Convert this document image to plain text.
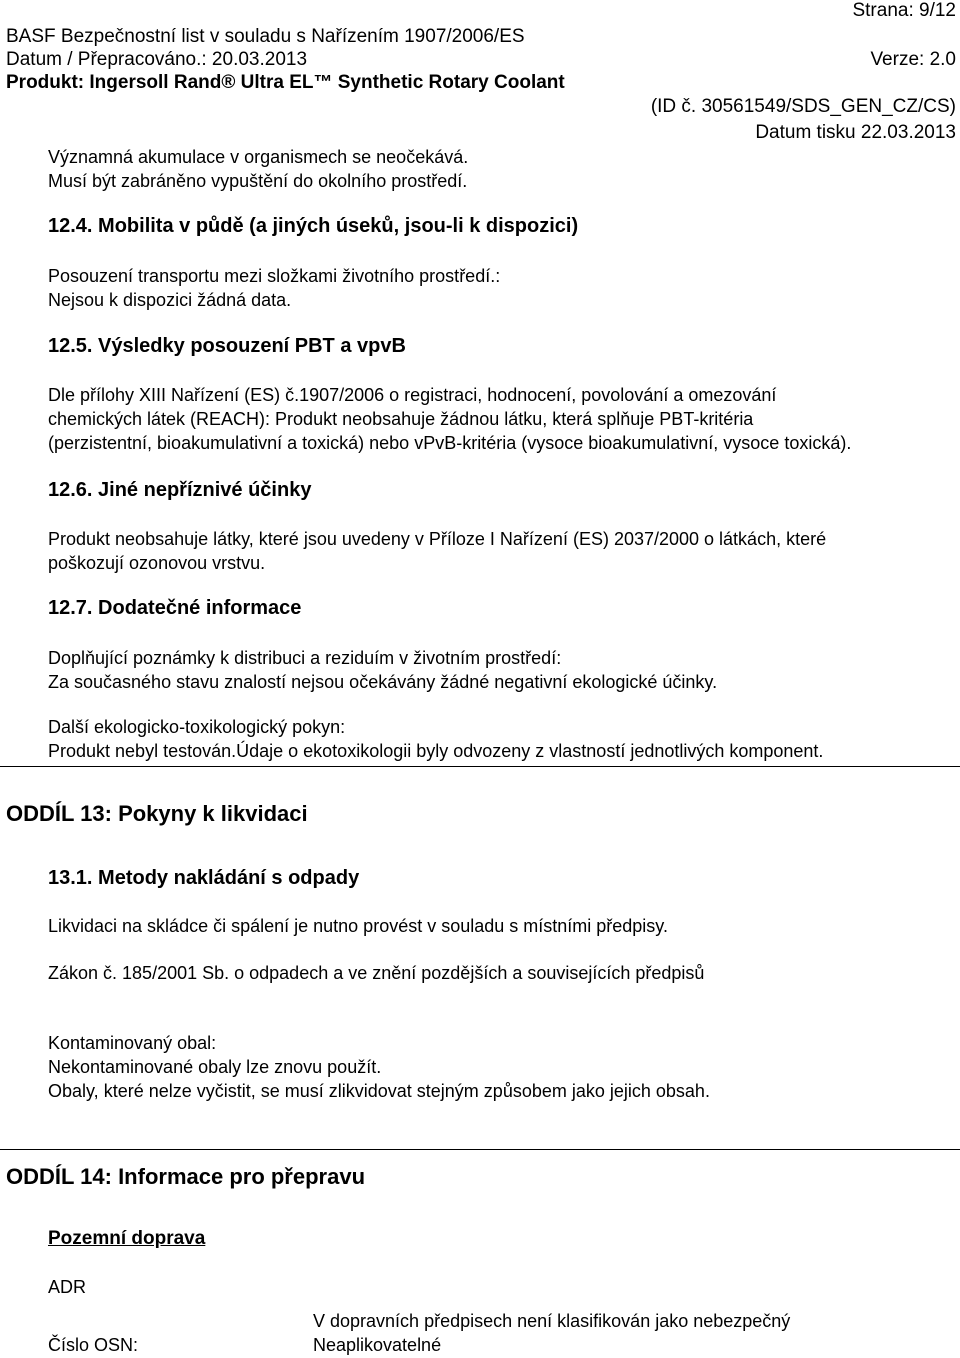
Strana: 9/12
BASF Bezpečnostní list v souladu s Nařízením 1907/2006/ES
Datum / Přepracováno.: 20.03.2013	Verze: 2.0
Produkt: Ingersoll Rand® Ultra EL™ Synthetic Rotary Coolant
(ID č. 30561549/SDS_GEN_CZ/CS)
Datum tisku 22.03.2013
Významná akumulace v organismech se neočekává.
Musí být zabráněno vypuštění do okolního prostředí.
12.4. Mobilita v půdě (a jiných úseků, jsou-li k dispozici)
Posouzení transportu mezi složkami životního prostředí.:
Nejsou k dispozici žádná data.
12.5. Výsledky posouzení PBT a vpvB
Dle přílohy XIII Nařízení (ES) č.1907/2006 o registraci, hodnocení, povolování a omezování
chemických látek (REACH): Produkt neobsahuje žádnou látku, která splňuje PBT-kritéria
(perzistentní, bioakumulativní a toxická) nebo vPvB-kritéria (vysoce bioakumulativní, vysoce toxická).
12.6. Jiné nepříznivé účinky
Produkt neobsahuje látky, které jsou uvedeny v Příloze I Nařízení (ES) 2037/2000 o látkách, které
poškozují ozonovou vrstvu.
12.7. Dodatečné informace
Doplňující poznámky k distribuci a reziduím v životním prostředí:
Za současného stavu znalostí nejsou očekávány žádné negativní ekologické účinky.
Další ekologicko-toxikologický pokyn:
Produkt nebyl testován.Údaje o ekotoxikologii byly odvozeny z vlastností jednotlivých komponent.
ODDÍL 13: Pokyny k likvidaci
13.1. Metody nakládání s odpady
Likvidaci na skládce či spálení je nutno provést v souladu s místními předpisy.
Zákon č. 185/2001 Sb. o odpadech a ve znění pozdějších a souvisejících předpisů
Kontaminovaný obal:
Nekontaminované obaly lze znovu použít.
Obaly, které nelze vyčistit, se musí zlikvidovat stejným způsobem jako jejich obsah.
ODDÍL 14: Informace pro přepravu
Pozemní doprava
ADR
V dopravních předpisech není klasifikován jako nebezpečný
Číslo OSN:	Neaplikovatelné
